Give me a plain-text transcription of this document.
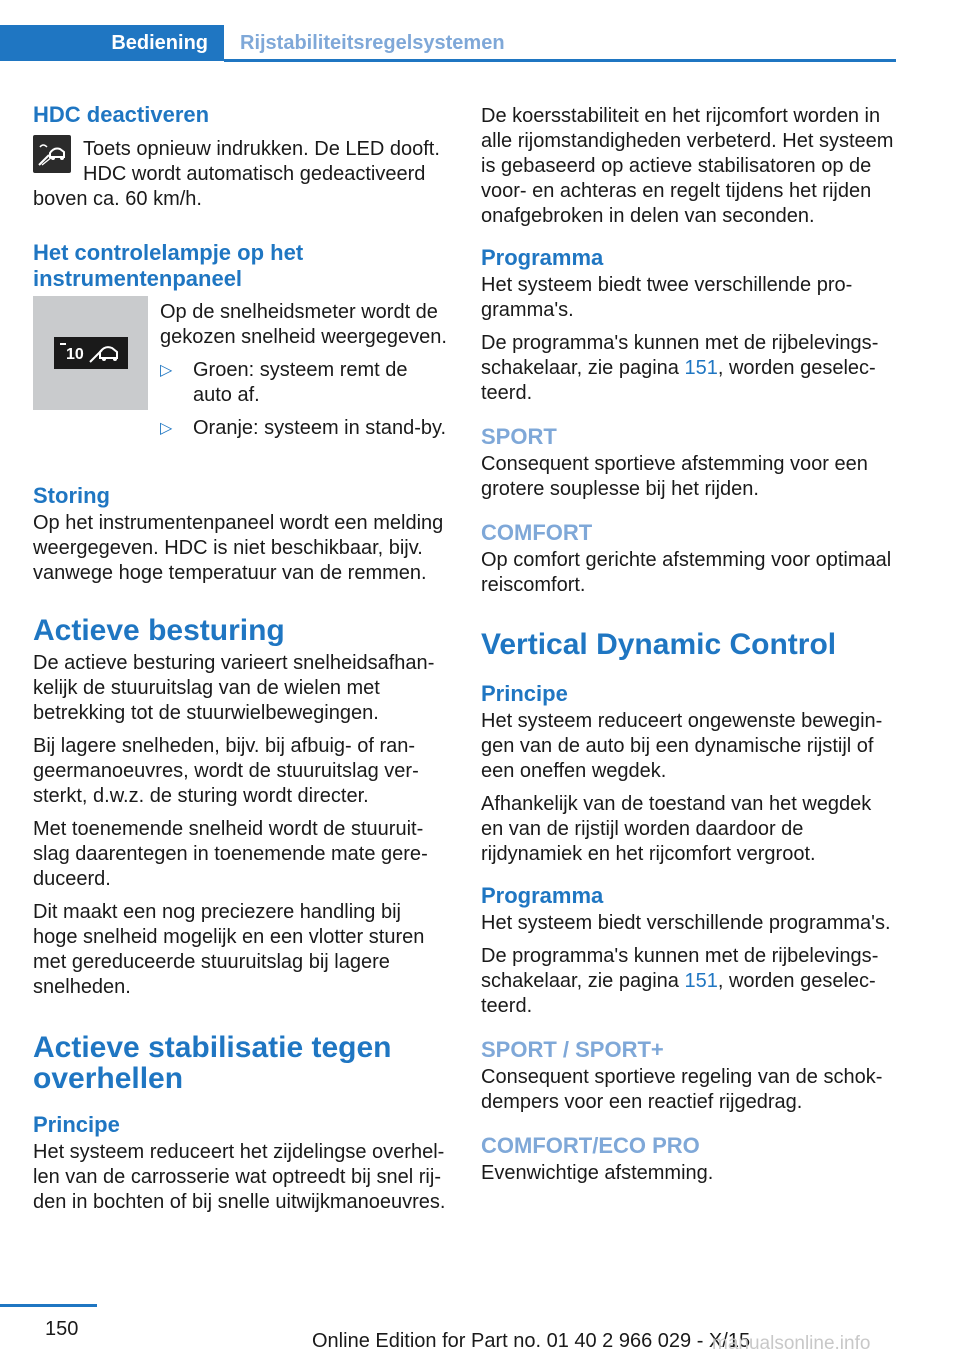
Bediening	Rijstabiliteitsregelsystemen
HDC deactiveren

Toets opnieuw indrukken. De LED dooft. HDC wordt automatisch gedeactiveerd boven ca. 60 km/h.

Het controlelampje op het instrumentenpaneel
10

Op de snelheidsmeter wordt de gekozen snelheid weergegeven.

▷ Groen: systeem remt de auto af.
▷ Oranje: systeem in stand-by.
Storing

Op het instrumentenpaneel wordt een melding weergegeven. HDC is niet beschikbaar, bijv. vanwege hoge temperatuur van de remmen.

Actieve besturing

De actieve besturing varieert snelheidsafhankelijk de stuuruitslag van de wielen met betrekking tot de stuurwielbewegingen.

Bij lagere snelheden, bijv. bij afbuig- of rangeermanoeuvres, wordt de stuuruitslag versterkt, d.w.z. de sturing wordt directer.

Met toenemende snelheid wordt de stuuruitslag daarentegen in toenemende mate gereduceerd.

Dit maakt een nog preciezere handling bij hoge snelheid mogelijk en een vlotter sturen met gereduceerde stuuruitslag bij lagere snelheden.

Actieve stabilisatie tegen overhellen
Principe

Het systeem reduceert het zijdelingse overhellen van de carrosserie wat optreedt bij snel rijden in bochten of bij snelle uitwijkmanoeuvres.

De koersstabiliteit en het rijcomfort worden in alle rijomstandigheden verbeterd. Het systeem is gebaseerd op actieve stabilisatoren op de voor- en achteras en regelt tijdens het rijden onafgebroken in delen van seconden.

Programma

Het systeem biedt twee verschillende programma's.

De programma's kunnen met de rijbelevingsschakelaar, zie pagina 151, worden geselecteerd.

SPORT

Consequent sportieve afstemming voor een grotere souplesse bij het rijden.

COMFORT

Op comfort gerichte afstemming voor optimaal reiscomfort.

Vertical Dynamic Control
Principe

Het systeem reduceert ongewenste bewegingen van de auto bij een dynamische rijstijl of een oneffen wegdek.

Afhankelijk van de toestand van het wegdek en van de rijstijl worden daardoor de rijdynamiek en het rijcomfort vergroot.

Programma

Het systeem biedt verschillende programma's.

De programma's kunnen met de rijbelevingsschakelaar, zie pagina 151, worden geselecteerd.

SPORT / SPORT+

Consequent sportieve regeling van de schokdempers voor een reactief rijgedrag.

COMFORT/ECO PRO

Evenwichtige afstemming.

150
Online Edition for Part no. 01 40 2 966 029 - X/15
manualsonline.info
